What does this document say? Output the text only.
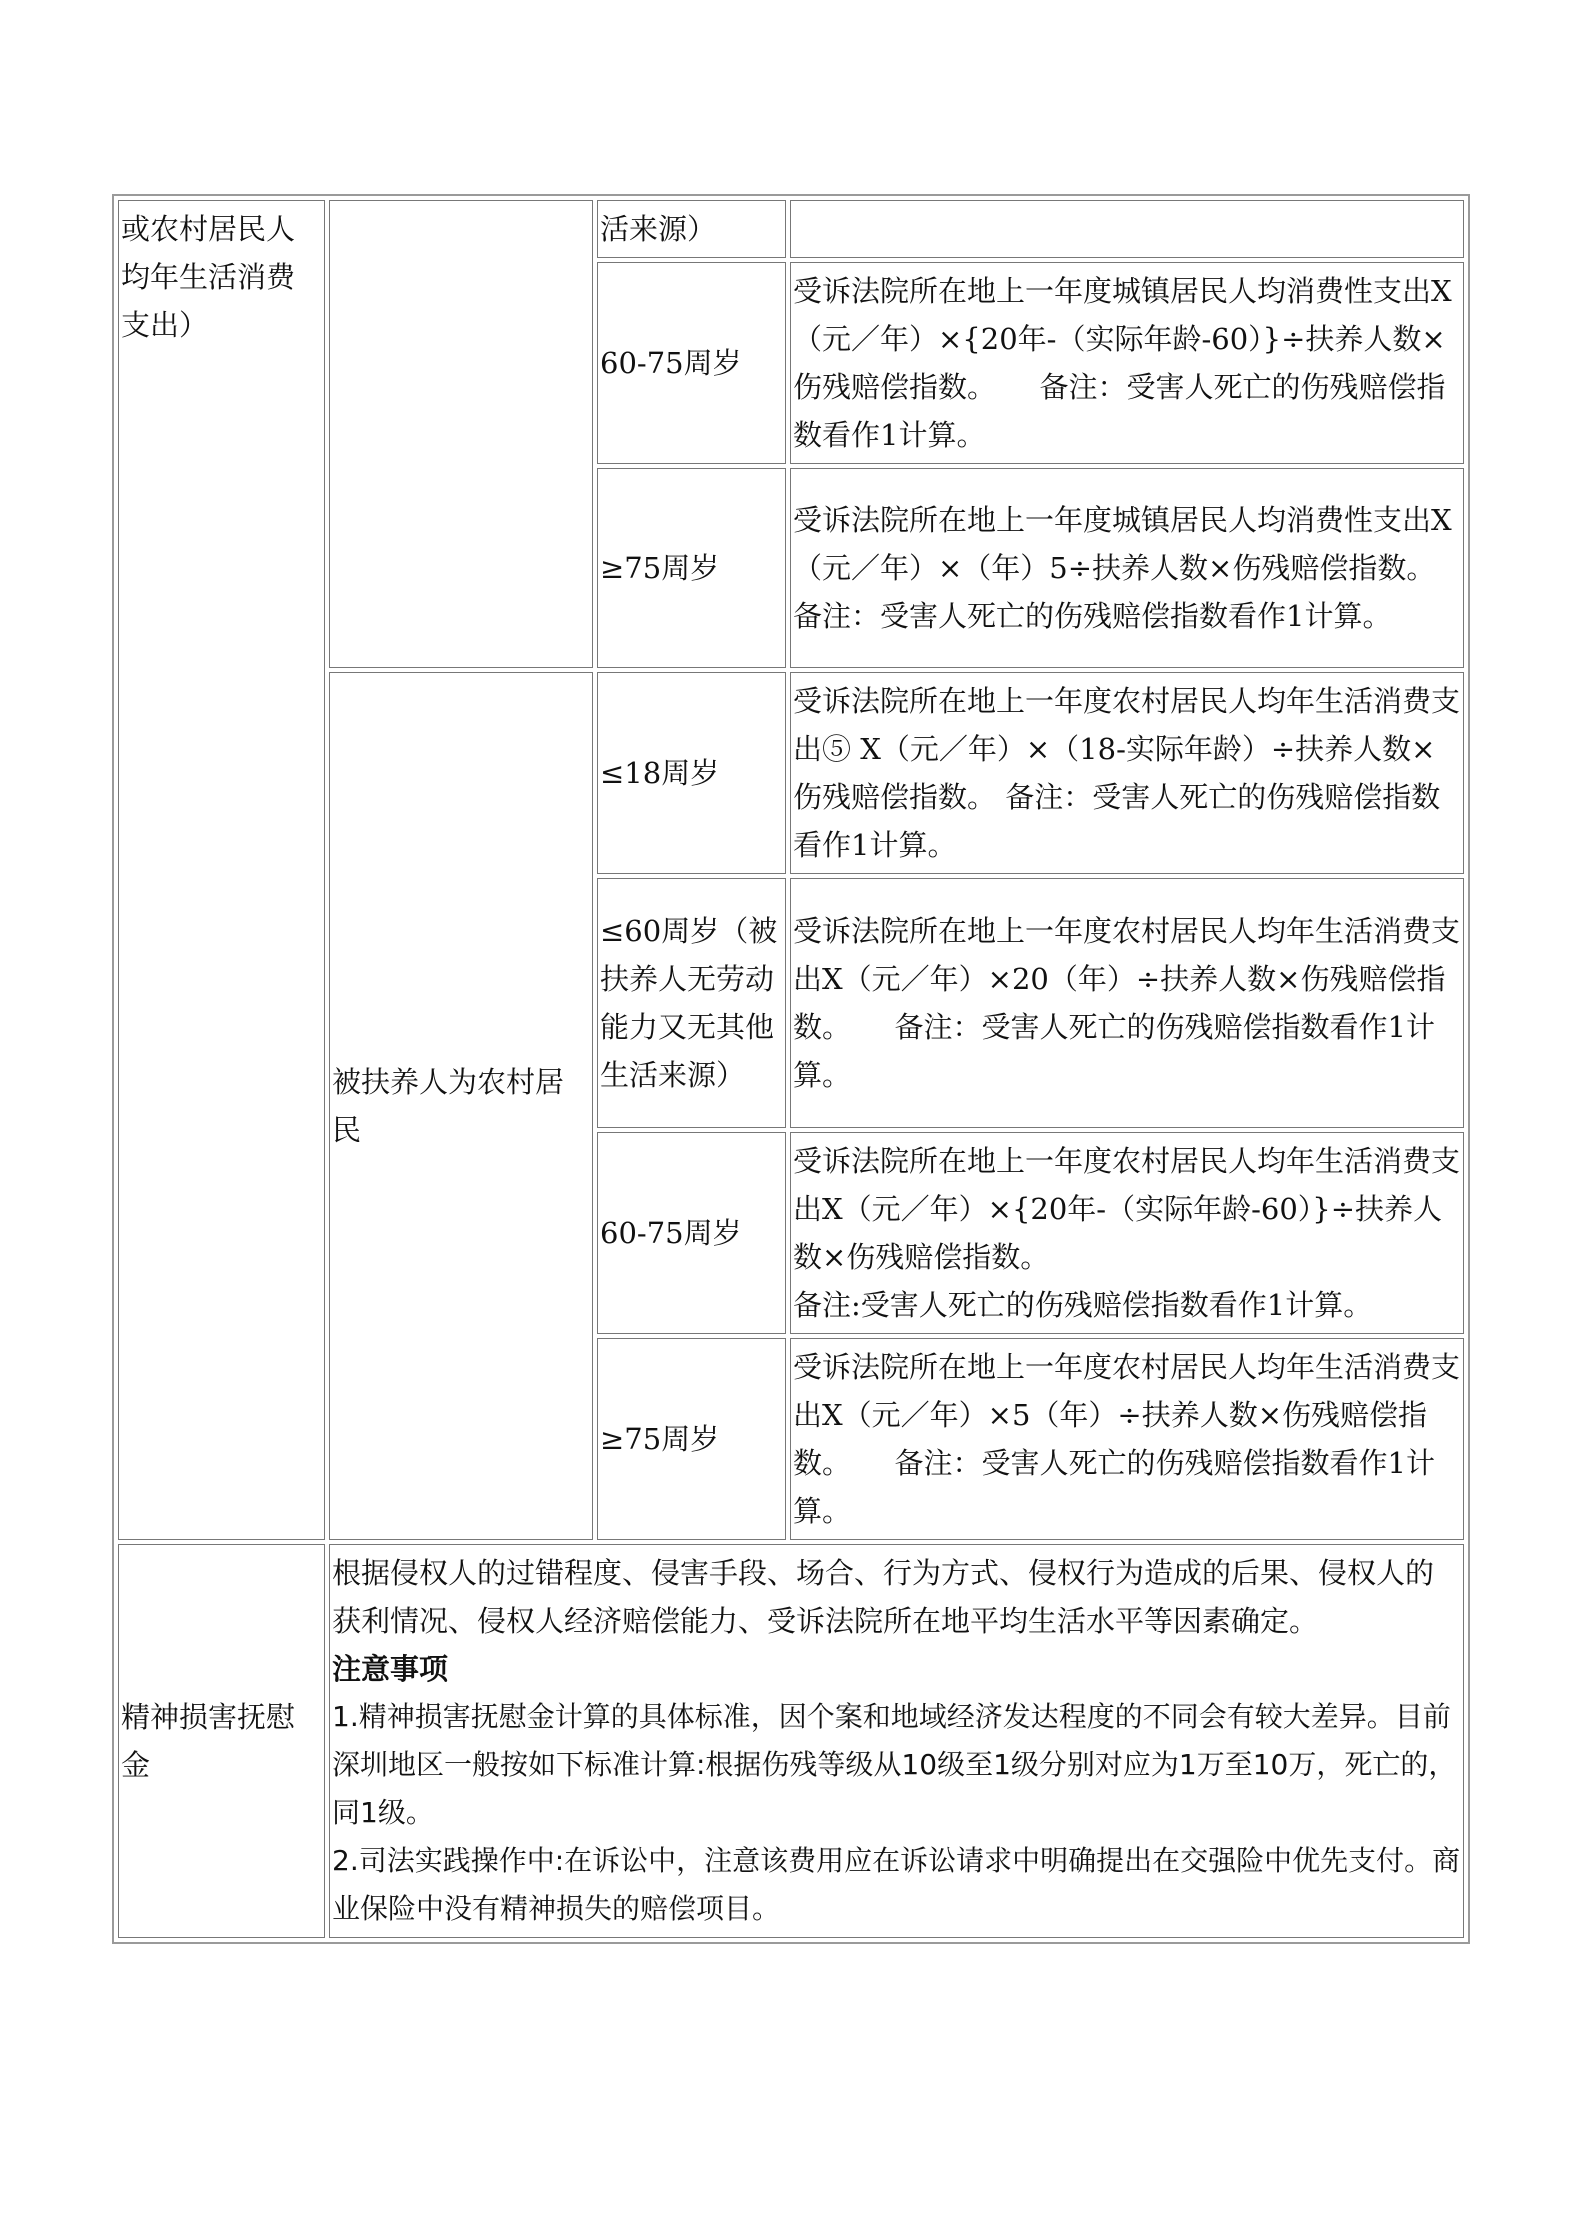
或农村居民人均年生活消费支出）		活来源）	
		60-75周岁	受诉法院所在地上一年度城镇居民人均消费性支出X（元／年）×{20年-（实际年龄-60）}÷扶养人数×伤残赔偿指数。　　备注：受害人死亡的伤残赔偿指数看作1计算。
		≥75周岁	受诉法院所在地上一年度城镇居民人均消费性支出X（元／年）×（年）5÷扶养人数×伤残赔偿指数。 备注：受害人死亡的伤残赔偿指数看作1计算。
	被扶养人为农村居民	≤18周岁	受诉法院所在地上一年度农村居民人均年生活消费支出⑤ X（元／年）×（18-实际年龄）÷扶养人数×伤残赔偿指数。 备注：受害人死亡的伤残赔偿指数看作1计算。
		≤60周岁（被扶养人无劳动能力又无其他生活来源）	受诉法院所在地上一年度农村居民人均年生活消费支出X（元／年）×20（年）÷扶养人数×伤残赔偿指数。　　备注：受害人死亡的伤残赔偿指数看作1计算。
		60-75周岁	受诉法院所在地上一年度农村居民人均年生活消费支出X（元／年）×{20年-（实际年龄-60）}÷扶养人数×伤残赔偿指数。
备注:受害人死亡的伤残赔偿指数看作1计算。

		≥75周岁	受诉法院所在地上一年度农村居民人均年生活消费支出X（元／年）×5（年）÷扶养人数×伤残赔偿指数。　　备注：受害人死亡的伤残赔偿指数看作1计算。
精神损害抚慰金	根据侵权人的过错程度、侵害手段、场合、行为方式、侵权行为造成的后果、侵权人的获利情况、侵权人经济赔偿能力、受诉法院所在地平均生活水平等因素确定。
注意事项
1.精神损害抚慰金计算的具体标准，因个案和地域经济发达程度的不同会有较大差异。目前深圳地区一般按如下标准计算:根据伤残等级从10级至1级分别对应为1万至10万，死亡的，同1级。
2.司法实践操作中:在诉讼中，注意该费用应在诉讼请求中明确提出在交强险中优先支付。商业保险中没有精神损失的赔偿项目。		
